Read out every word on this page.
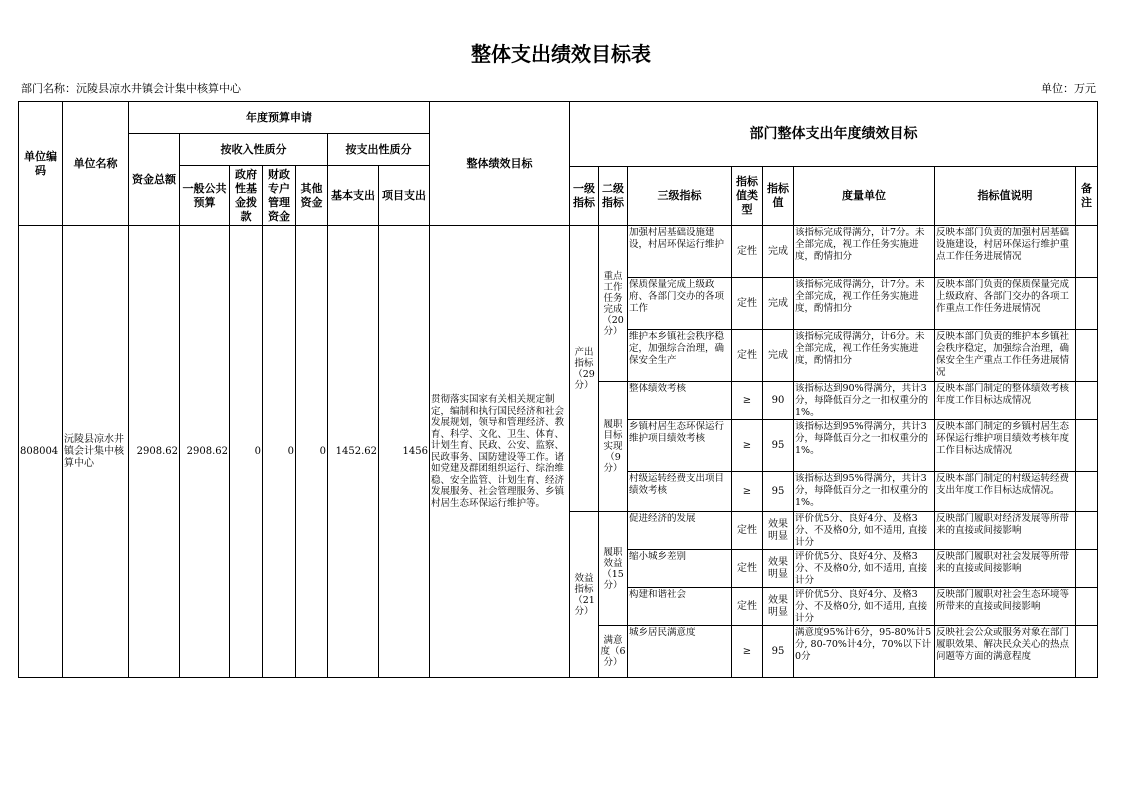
整体支出绩效目标表
部门名称：沅陵县凉水井镇会计集中核算中心	单位：万元
单位编码	单位名称	年度预算申请							整体绩效目标	部门整体支出年度绩效目标							
		资金总额	按收入性质分				按支出性质分										
			一般公共预算	政府性基金拨款	财政专户管理资金	其他资金	基本支出	项目支出									
										一级指标	二级指标	三级指标	指标值类型	指标值	度量单位	指标值说明	备注
808004	沅陵县凉水井镇会计集中核算中心	2908.62	2908.62	0	0	0	1452.62	1456	贯彻落实国家有关相关规定制定，编制和执行国民经济和社会发展规划，领导和管理经济、教育、科学、文化、卫生、体育、计划生育、民政、公安、监察、民政事务、国防建设等工作。诸如党建及群团组织运行、综治维稳、安全监管、计划生育、经济发展服务、社会管理服务、乡镇村居生态环保运行维护等。	产出指标（29分）	重点工作任务完成（20分）	加强村居基础设施建设，村居环保运行维护	定性	完成	该指标完成得满分，计7分。未全部完成，视工作任务实施进度，酌情扣分	反映本部门负责的加强村居基础设施建设，村居环保运行维护重点工作任务进展情况	

												保质保量完成上级政府、各部门交办的各项工作	定性	完成	该指标完成得满分，计7分。未全部完成，视工作任务实施进度，酌情扣分	反映本部门负责的保质保量完成上级政府、各部门交办的各项工作重点工作任务进展情况	

												维护本乡镇社会秩序稳定，加强综合治理，确保安全生产	定性	完成	该指标完成得满分，计6分。未全部完成，视工作任务实施进度，酌情扣分	反映本部门负责的维护本乡镇社会秩序稳定，加强综合治理，确保安全生产重点工作任务进展情况	

											履职目标实现（9分）	整体绩效考核	≥	90	该指标达到90%得满分，共计3分，每降低百分之一扣权重分的1%。	反映本部门制定的整体绩效考核年度工作目标达成情况	

												乡镇村居生态环保运行维护项目绩效考核	≥	95	该指标达到95%得满分，共计3分，每降低百分之一扣权重分的1%。	反映本部门制定的乡镇村居生态环保运行维护项目绩效考核年度工作目标达成情况	

												村级运转经费支出项目绩效考核	≥	95	该指标达到95%得满分，共计3分，每降低百分之一扣权重分的1%。	反映本部门制定的村级运转经费支出年度工作目标达成情况。	

										效益指标（21分）	履职效益（15分）	促进经济的发展	定性	效果明显	评价优5分、良好4分、及格3分、不及格0分, 如不适用, 直接计分	反映部门履职对经济发展等所带来的直接或间接影响	

												缩小城乡差别	定性	效果明显	评价优5分、良好4分、及格3分、不及格0分, 如不适用, 直接计分	反映部门履职对社会发展等所带来的直接或间接影响	

												构建和谐社会	定性	效果明显	评价优5分、良好4分、及格3分、不及格0分, 如不适用, 直接计分	反映部门履职对社会生态环境等所带来的直接或间接影响	

											满意度（6分）	城乡居民满意度	≥	95	满意度95%计6分，95-80%计5分, 80-70%计4分，70%以下计0分	反映社会公众或服务对象在部门履职效果、解决民众关心的热点问题等方面的满意程度	
